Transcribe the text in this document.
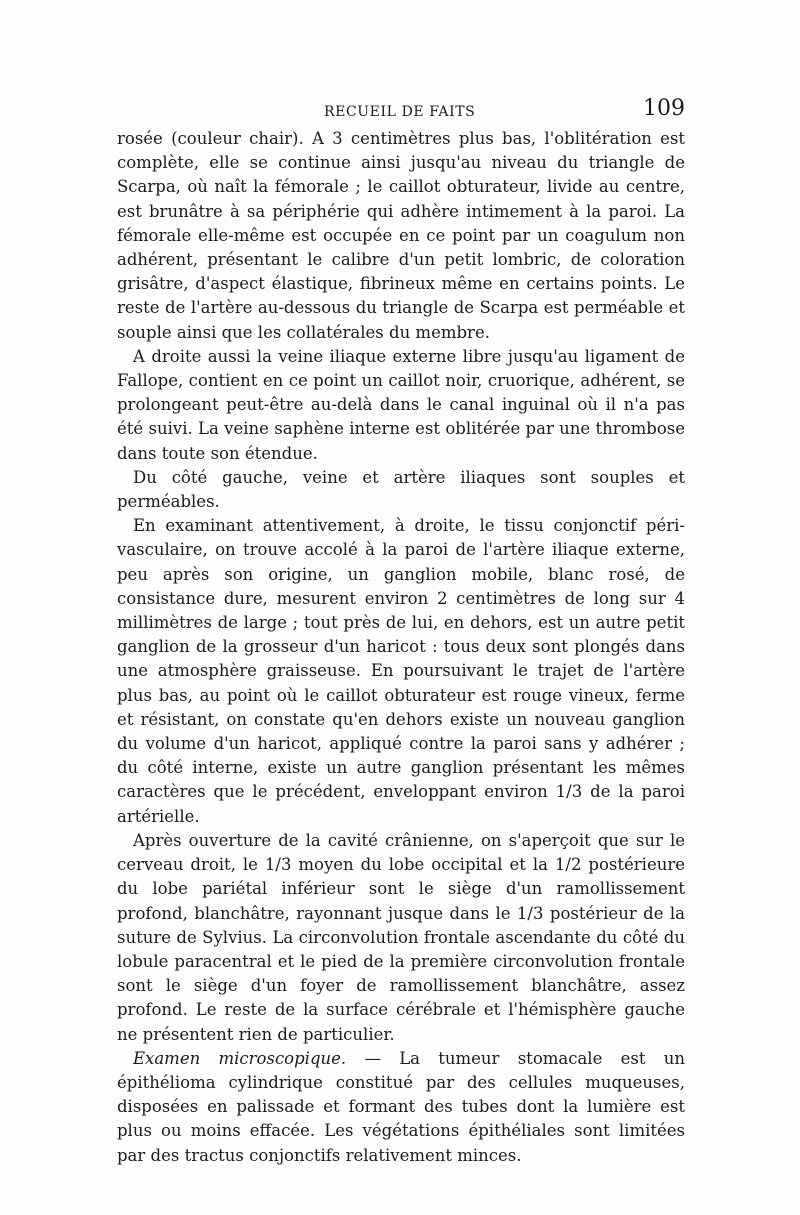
RECUEIL DE FAITS	109

rosée (couleur chair). A 3 centimètres plus bas, l'oblitération est complète, elle se continue ainsi jusqu'au niveau du triangle de Scarpa, où naît la fémorale ; le caillot obturateur, livide au centre, est brunâtre à sa périphérie qui adhère intimement à la paroi. La fémorale elle-même est occupée en ce point par un coagulum non adhérent, présentant le calibre d'un petit lombric, de coloration grisâtre, d'aspect élastique, fibrineux même en certains points. Le reste de l'artère au-dessous du triangle de Scarpa est perméable et souple ainsi que les collatérales du membre.

A droite aussi la veine iliaque externe libre jusqu'au ligament de Fallope, contient en ce point un caillot noir, cruorique, adhérent, se prolongeant peut-être au-delà dans le canal inguinal où il n'a pas été suivi. La veine saphène interne est oblitérée par une thrombose dans toute son étendue.

Du côté gauche, veine et artère iliaques sont souples et perméables.

En examinant attentivement, à droite, le tissu conjonctif péri-vasculaire, on trouve accolé à la paroi de l'artère iliaque externe, peu après son origine, un ganglion mobile, blanc rosé, de consistance dure, mesurent environ 2 centimètres de long sur 4 millimètres de large ; tout près de lui, en dehors, est un autre petit ganglion de la grosseur d'un haricot : tous deux sont plongés dans une atmosphère graisseuse. En poursuivant le trajet de l'artère plus bas, au point où le caillot obturateur est rouge vineux, ferme et résistant, on constate qu'en dehors existe un nouveau ganglion du volume d'un haricot, appliqué contre la paroi sans y adhérer ; du côté interne, existe un autre ganglion présentant les mêmes caractères que le précédent, enveloppant environ 1/3 de la paroi artérielle.

Après ouverture de la cavité crânienne, on s'aperçoit que sur le cerveau droit, le 1/3 moyen du lobe occipital et la 1/2 postérieure du lobe pariétal inférieur sont le siège d'un ramollissement profond, blanchâtre, rayonnant jusque dans le 1/3 postérieur de la suture de Sylvius. La circonvolution frontale ascendante du côté du lobule paracentral et le pied de la première circonvolution frontale sont le siège d'un foyer de ramollissement blanchâtre, assez profond. Le reste de la surface cérébrale et l'hémisphère gauche ne présentent rien de particulier.

Examen microscopique. — La tumeur stomacale est un épithélioma cylindrique constitué par des cellules muqueuses, disposées en palissade et formant des tubes dont la lumière est plus ou moins effacée. Les végétations épithéliales sont limitées par des tractus conjonctifs relativement minces.
